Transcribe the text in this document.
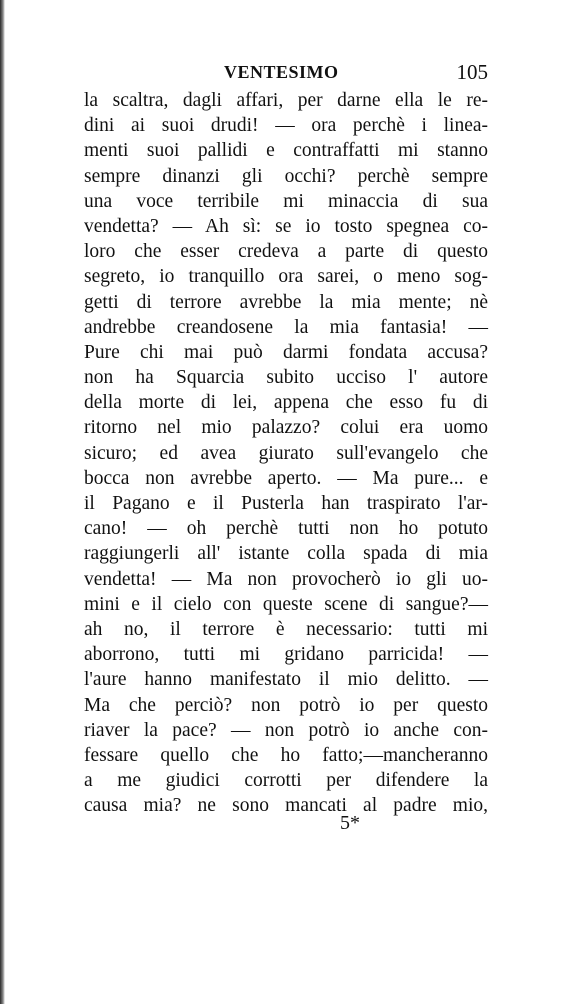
VENTESIMO	105
la scaltra, dagli affari, per darne ella le re-
dini ai suoi drudi! — ora perchè i linea-
menti suoi pallidi e contraffatti mi stanno
sempre dinanzi gli occhi? perchè sempre
una voce terribile mi minaccia di sua
vendetta? — Ah sì: se io tosto spegnea co-
loro che esser credeva a parte di questo
segreto, io tranquillo ora sarei, o meno sog-
getti di terrore avrebbe la mia mente; nè
andrebbe creandosene la mia fantasia! —
Pure chi mai può darmi fondata accusa?
non ha Squarcia subito ucciso l' autore
della morte di lei, appena che esso fu di
ritorno nel mio palazzo? colui era uomo
sicuro; ed avea giurato sull'evangelo che
bocca non avrebbe aperto. — Ma pure... e
il Pagano e il Pusterla han traspirato l'ar-
cano! — oh perchè tutti non ho potuto
raggiungerli all' istante colla spada di mia
vendetta! — Ma non provocherò io gli uo-
mini e il cielo con queste scene di sangue?—
ah no, il terrore è necessario: tutti mi
aborrono, tutti mi gridano parricida! —
l'aure hanno manifestato il mio delitto. —
Ma che perciò? non potrò io per questo
riaver la pace? — non potrò io anche con-
fessare quello che ho fatto;—mancheranno
a me giudici corrotti per difendere la
causa mia? ne sono mancati al padre mio,
5*
